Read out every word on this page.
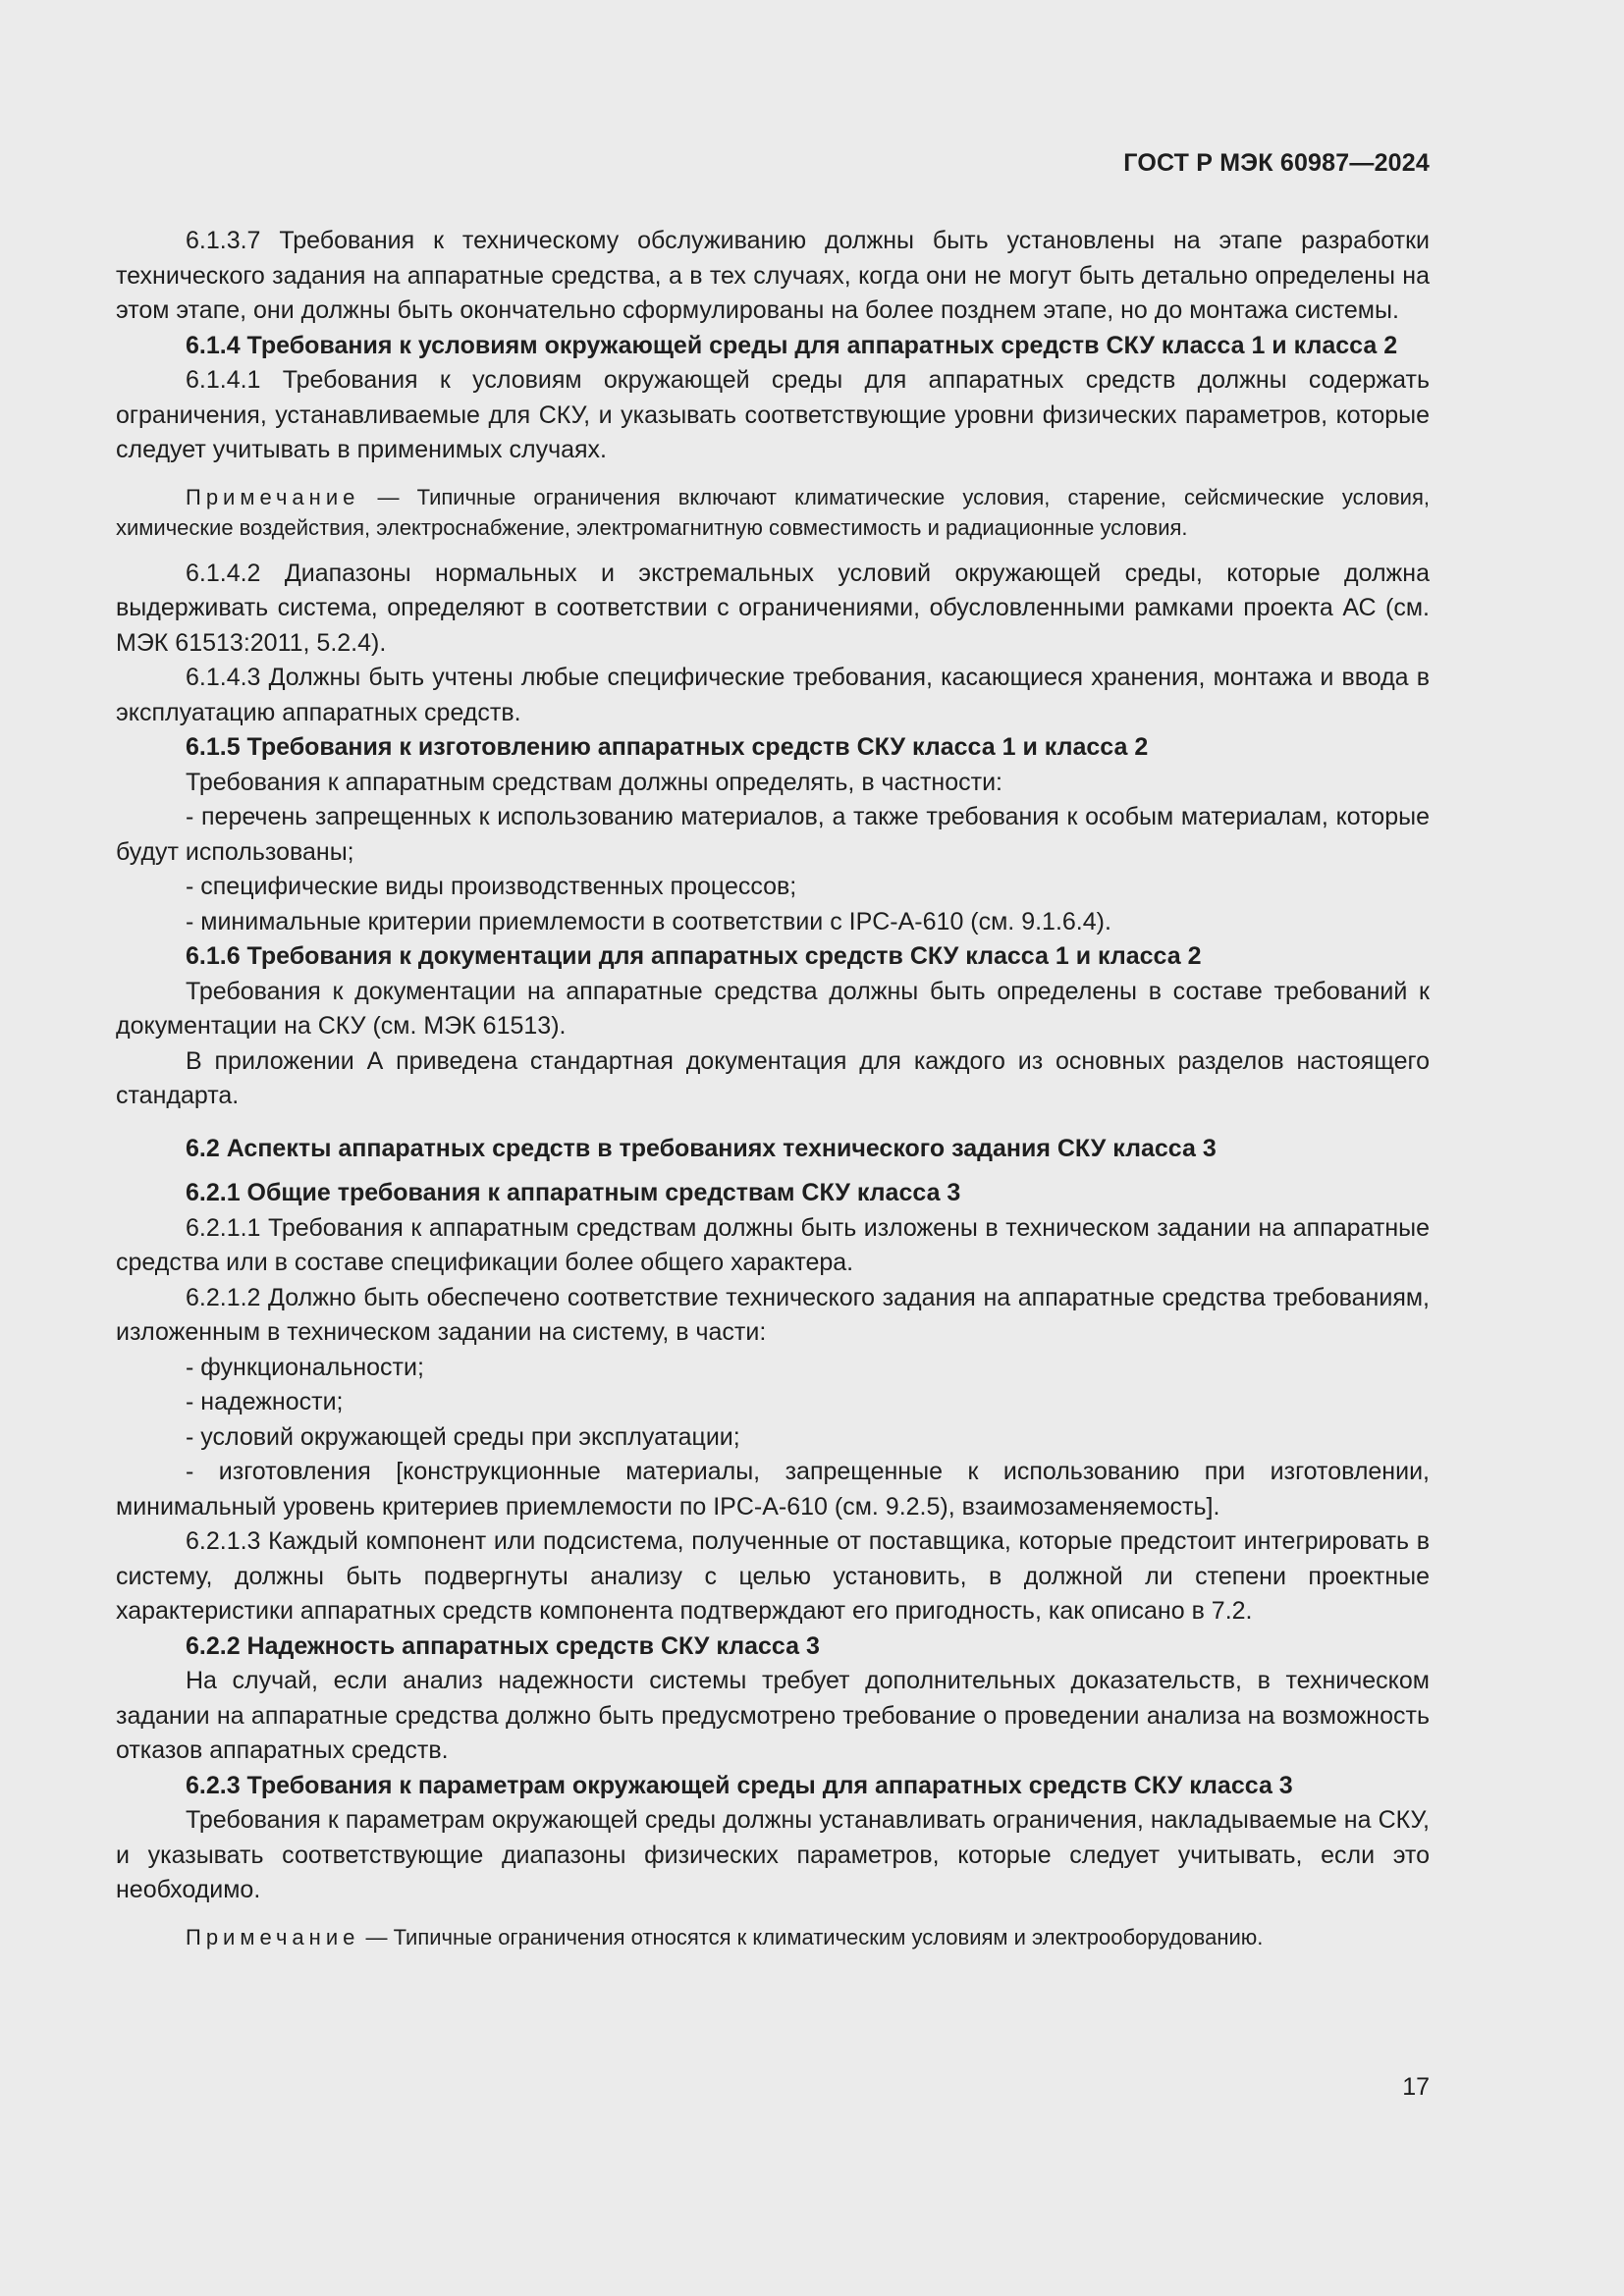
ГОСТ Р МЭК 60987—2024

6.1.3.7 Требования к техническому обслуживанию должны быть установлены на этапе разработки технического задания на аппаратные средства, а в тех случаях, когда они не могут быть детально определены на этом этапе, они должны быть окончательно сформулированы на более позднем этапе, но до монтажа системы.

6.1.4 Требования к условиям окружающей среды для аппаратных средств СКУ класса 1 и класса 2

6.1.4.1 Требования к условиям окружающей среды для аппаратных средств должны содержать ограничения, устанавливаемые для СКУ, и указывать соответствующие уровни физических параметров, которые следует учитывать в применимых случаях.

Примечание — Типичные ограничения включают климатические условия, старение, сейсмические условия, химические воздействия, электроснабжение, электромагнитную совместимость и радиационные условия.

6.1.4.2 Диапазоны нормальных и экстремальных условий окружающей среды, которые должна выдерживать система, определяют в соответствии с ограничениями, обусловленными рамками проекта АС (см. МЭК 61513:2011, 5.2.4).

6.1.4.3 Должны быть учтены любые специфические требования, касающиеся хранения, монтажа и ввода в эксплуатацию аппаратных средств.

6.1.5 Требования к изготовлению аппаратных средств СКУ класса 1 и класса 2

Требования к аппаратным средствам должны определять, в частности:

- перечень запрещенных к использованию материалов, а также требования к особым материалам, которые будут использованы;

- специфические виды производственных процессов;

- минимальные критерии приемлемости в соответствии с IPC-A-610 (см. 9.1.6.4).

6.1.6 Требования к документации для аппаратных средств СКУ класса 1 и класса 2

Требования к документации на аппаратные средства должны быть определены в составе требований к документации на СКУ (см. МЭК 61513).

В приложении А приведена стандартная документация для каждого из основных разделов настоящего стандарта.

6.2 Аспекты аппаратных средств в требованиях технического задания СКУ класса 3

6.2.1 Общие требования к аппаратным средствам СКУ класса 3

6.2.1.1 Требования к аппаратным средствам должны быть изложены в техническом задании на аппаратные средства или в составе спецификации более общего характера.

6.2.1.2 Должно быть обеспечено соответствие технического задания на аппаратные средства требованиям, изложенным в техническом задании на систему, в части:

- функциональности;

- надежности;

- условий окружающей среды при эксплуатации;

- изготовления [конструкционные материалы, запрещенные к использованию при изготовлении, минимальный уровень критериев приемлемости по IPC-A-610 (см. 9.2.5), взаимозаменяемость].

6.2.1.3 Каждый компонент или подсистема, полученные от поставщика, которые предстоит интегрировать в систему, должны быть подвергнуты анализу с целью установить, в должной ли степени проектные характеристики аппаратных средств компонента подтверждают его пригодность, как описано в 7.2.

6.2.2 Надежность аппаратных средств СКУ класса 3

На случай, если анализ надежности системы требует дополнительных доказательств, в техническом задании на аппаратные средства должно быть предусмотрено требование о проведении анализа на возможность отказов аппаратных средств.

6.2.3 Требования к параметрам окружающей среды для аппаратных средств СКУ класса 3

Требования к параметрам окружающей среды должны устанавливать ограничения, накладываемые на СКУ, и указывать соответствующие диапазоны физических параметров, которые следует учитывать, если это необходимо.

Примечание — Типичные ограничения относятся к климатическим условиям и электрооборудованию.

17
